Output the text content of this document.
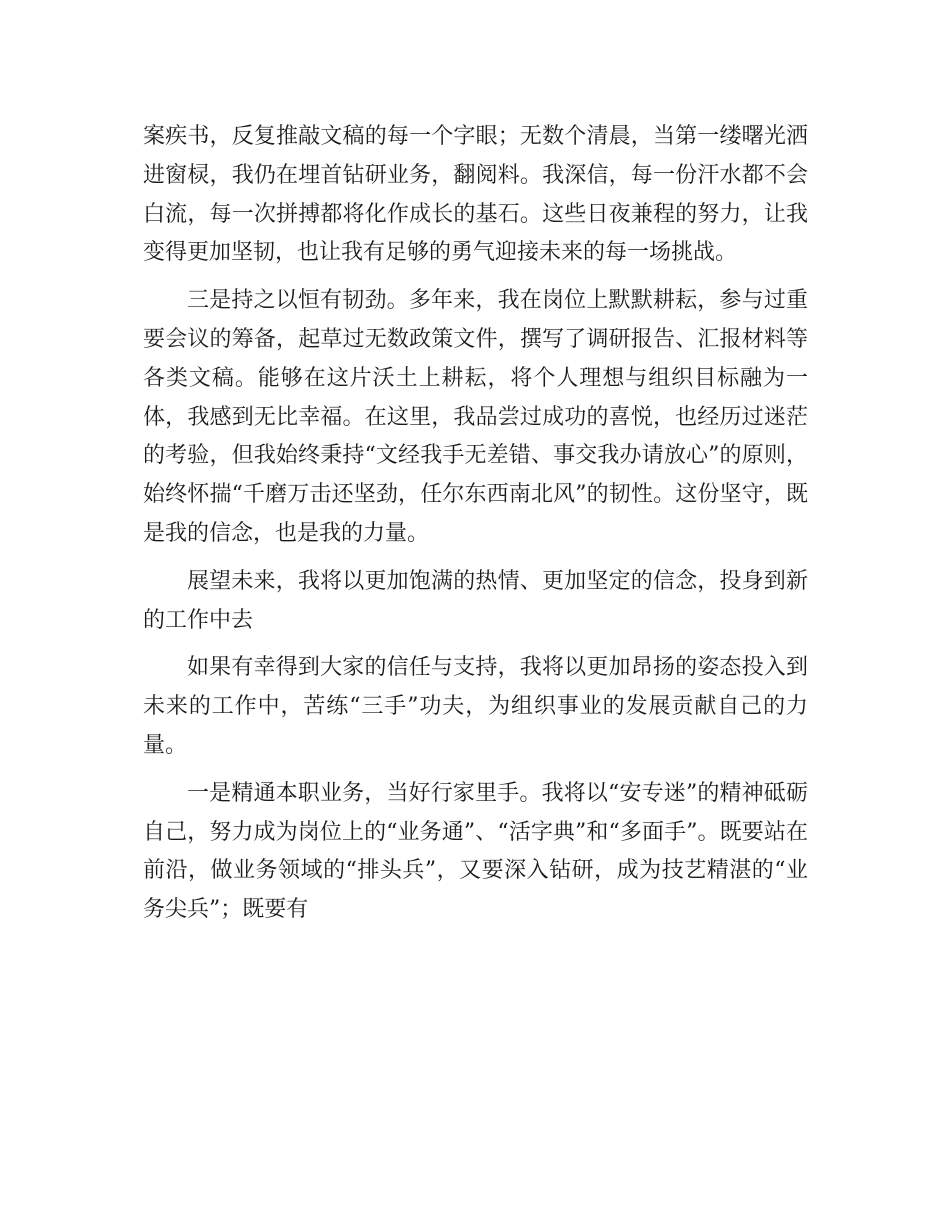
案疾书，反复推敲文稿的每一个字眼；无数个清晨，当第一缕曙光洒进窗棂，我仍在埋首钻研业务，翻阅料。我深信，每一份汗水都不会白流，每一次拼搏都将化作成长的基石。这些日夜兼程的努力，让我变得更加坚韧，也让我有足够的勇气迎接未来的每一场挑战。

三是持之以恒有韧劲。多年来，我在岗位上默默耕耘，参与过重要会议的筹备，起草过无数政策文件，撰写了调研报告、汇报材料等各类文稿。能够在这片沃土上耕耘，将个人理想与组织目标融为一体，我感到无比幸福。在这里，我品尝过成功的喜悦，也经历过迷茫的考验，但我始终秉持“文经我手无差错、事交我办请放心”的原则，始终怀揣“千磨万击还坚劲，任尔东西南北风”的韧性。这份坚守，既是我的信念，也是我的力量。

展望未来，我将以更加饱满的热情、更加坚定的信念，投身到新的工作中去

如果有幸得到大家的信任与支持，我将以更加昂扬的姿态投入到未来的工作中，苦练“三手”功夫，为组织事业的发展贡献自己的力量。

一是精通本职业务，当好行家里手。我将以“安专迷”的精神砥砺自己，努力成为岗位上的“业务通”、“活字典”和“多面手”。既要站在前沿，做业务领域的“排头兵”，又要深入钻研，成为技艺精湛的“业务尖兵”；既要有
